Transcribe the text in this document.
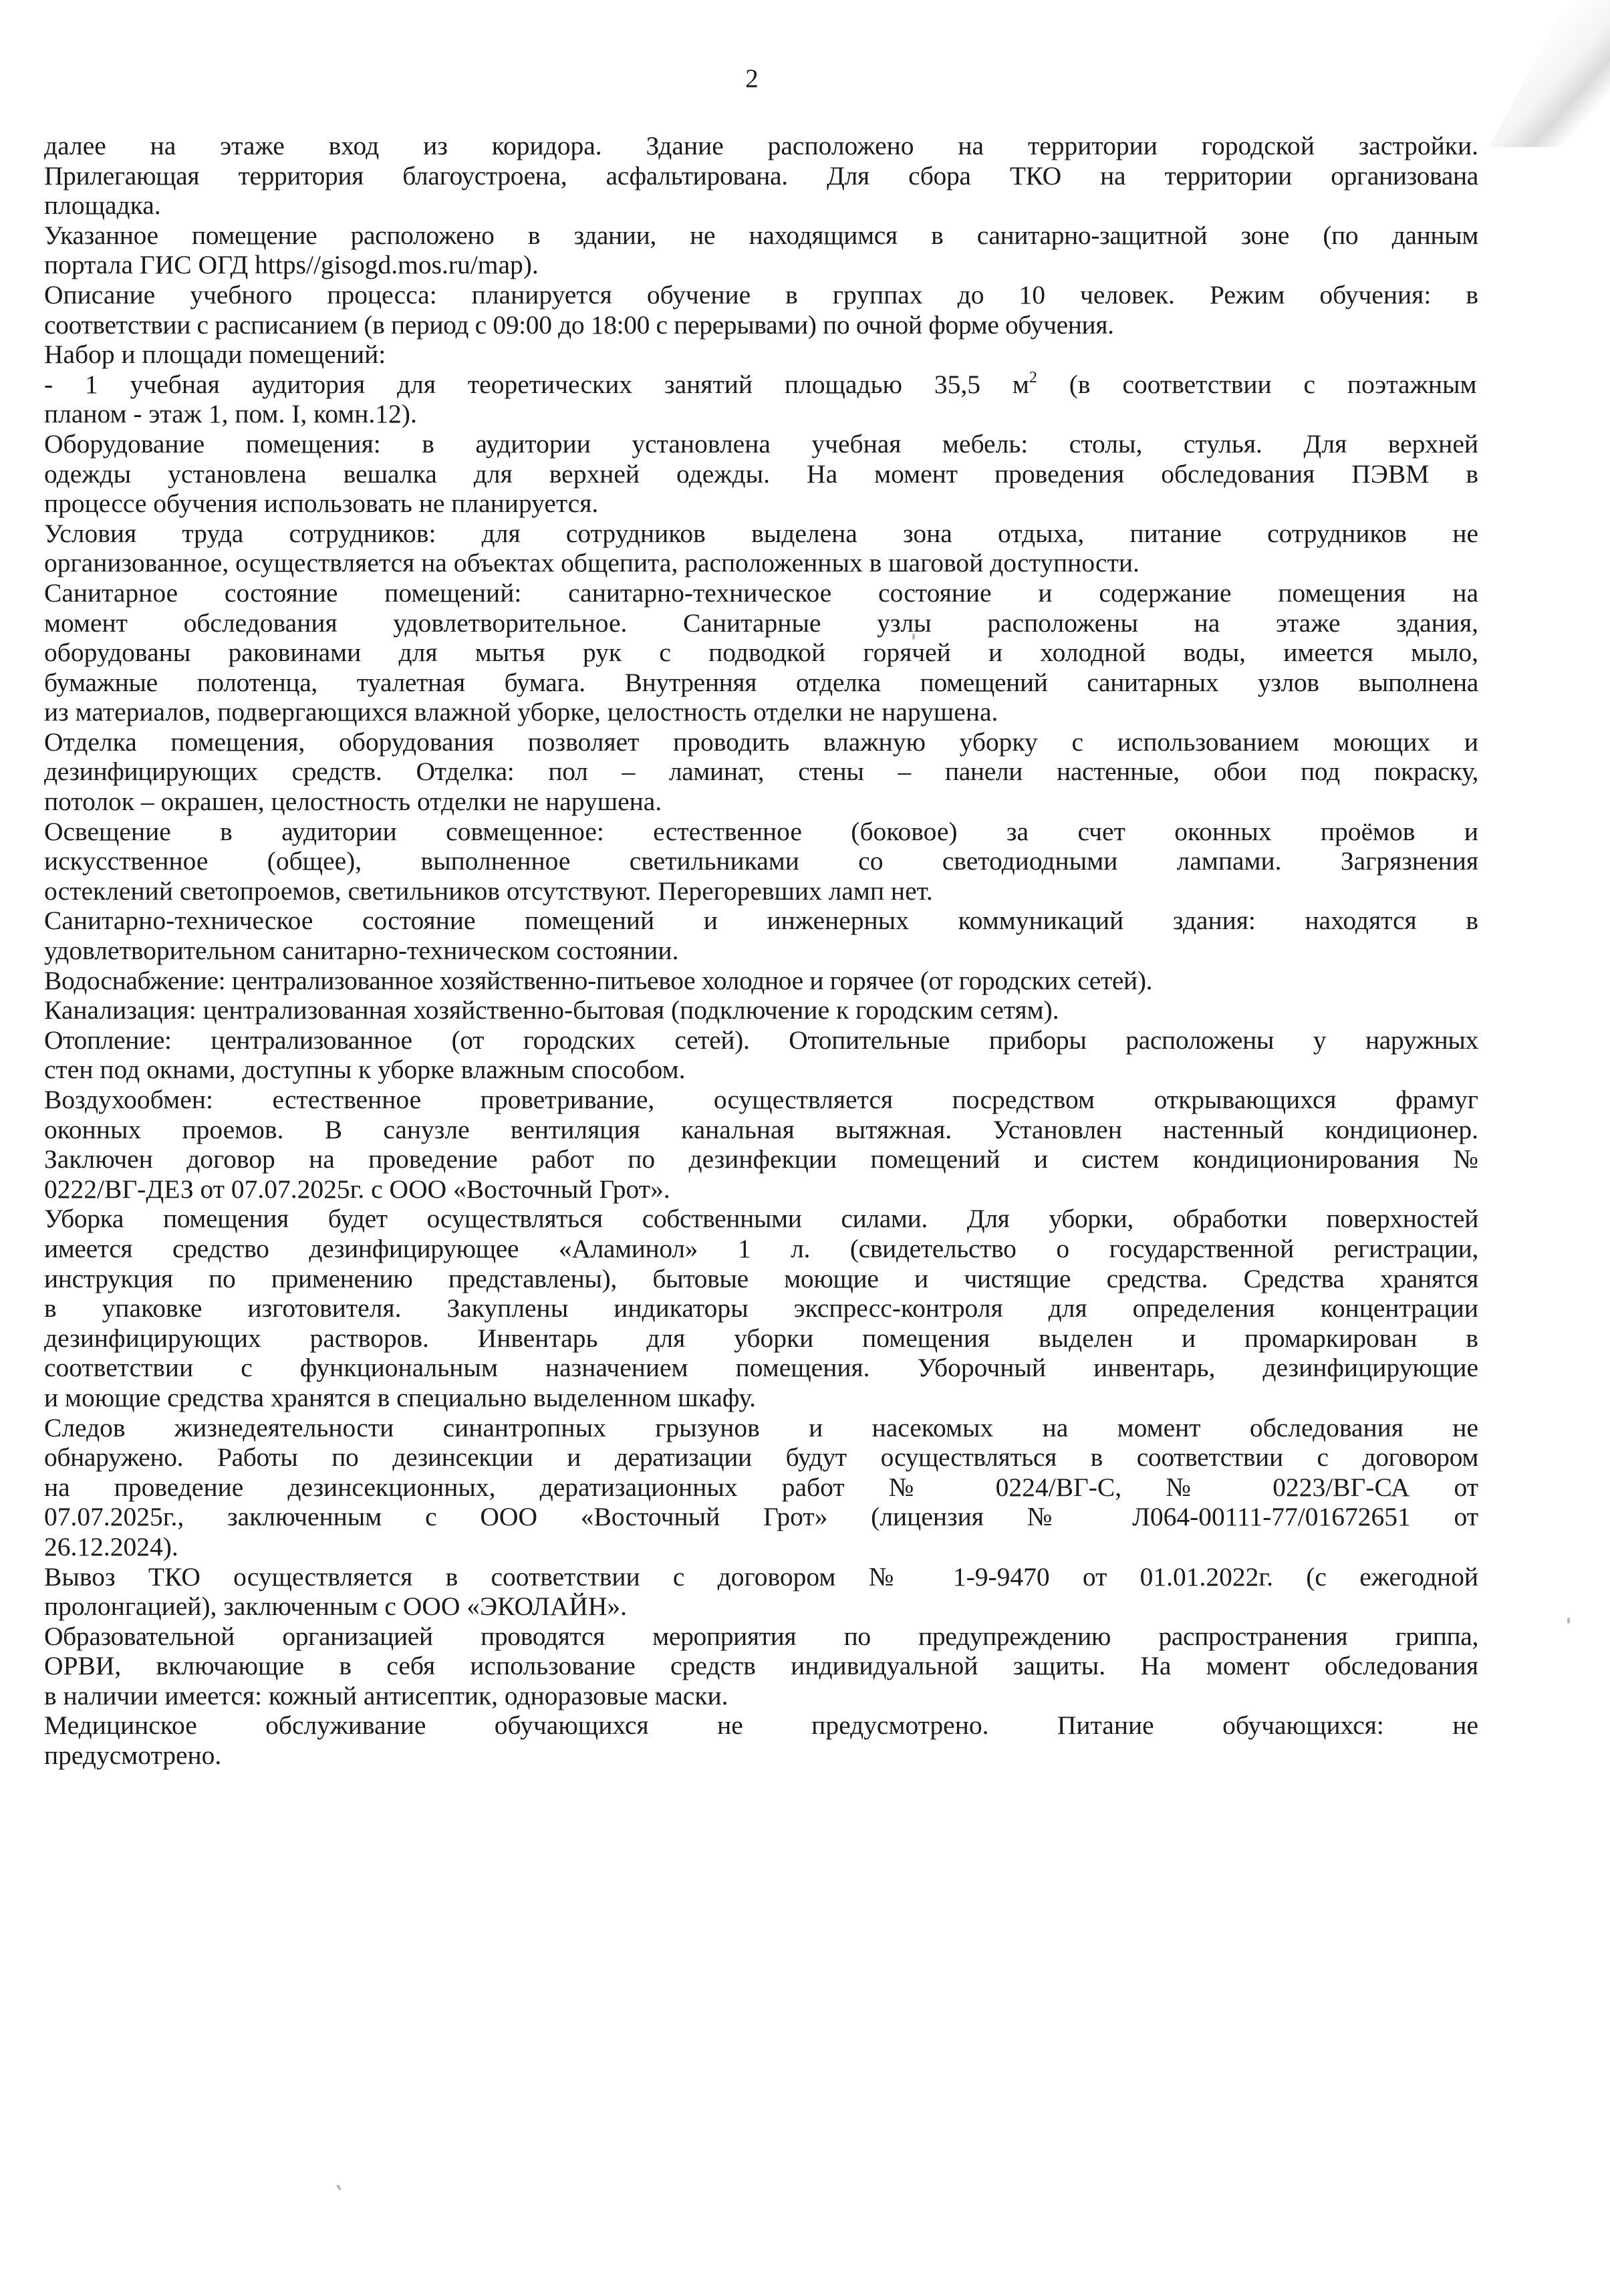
2
далее на этаже вход из коридора. Здание расположено на территории городской застройки.
Прилегающая территория благоустроена, асфальтирована. Для сбора ТКО на территории организована
площадка.
Указанное помещение расположено в здании, не находящимся в санитарно-защитной зоне (по данным
портала ГИС ОГД https//gisogd.mos.ru/map).
Описание учебного процесса: планируется обучение в группах до 10 человек. Режим обучения: в
соответствии с расписанием (в период с 09:00 до 18:00 с перерывами) по очной форме обучения.
Набор и площади помещений:
- 1 учебная аудитория для теоретических занятий площадью 35,5 $м^2$ (в соответствии с поэтажным
планом - этаж 1, пом. I, комн.12).
Оборудование помещения: в аудитории установлена учебная мебель: столы, стулья. Для верхней
одежды установлена вешалка для верхней одежды. На момент проведения обследования ПЭВМ в
процессе обучения использовать не планируется.
Условия труда сотрудников: для сотрудников выделена зона отдыха, питание сотрудников не
организованное, осуществляется на объектах общепита, расположенных в шаговой доступности.
Санитарное состояние помещений: санитарно-техническое состояние и содержание помещения на
момент обследования удовлетворительное. Санитарные узлы расположены на этаже здания,
оборудованы раковинами для мытья рук с подводкой горячей и холодной воды, имеется мыло,
бумажные полотенца, туалетная бумага. Внутренняя отделка помещений санитарных узлов выполнена
из материалов, подвергающихся влажной уборке, целостность отделки не нарушена.
Отделка помещения, оборудования позволяет проводить влажную уборку с использованием моющих и
дезинфицирующих средств. Отделка: пол – ламинат, стены – панели настенные, обои под покраску,
потолок – окрашен, целостность отделки не нарушена.
Освещение в аудитории совмещенное: естественное (боковое) за счет оконных проёмов и
искусственное (общее), выполненное светильниками со светодиодными лампами. Загрязнения
остеклений светопроемов, светильников отсутствуют. Перегоревших ламп нет.
Санитарно-техническое состояние помещений и инженерных коммуникаций здания: находятся в
удовлетворительном санитарно-техническом состоянии.
Водоснабжение: централизованное хозяйственно-питьевое холодное и горячее (от городских сетей).
Канализация: централизованная хозяйственно-бытовая (подключение к городским сетям).
Отопление: централизованное (от городских сетей). Отопительные приборы расположены у наружных
стен под окнами, доступны к уборке влажным способом.
Воздухообмен: естественное проветривание, осуществляется посредством открывающихся фрамуг
оконных проемов. В санузле вентиляция канальная вытяжная. Установлен настенный кондиционер.
Заключен договор на проведение работ по дезинфекции помещений и систем кондиционирования №
0222/ВГ-ДЕЗ от 07.07.2025г. с ООО «Восточный Грот».
Уборка помещения будет осуществляться собственными силами. Для уборки, обработки поверхностей
имеется средство дезинфицирующее «Аламинол» 1 л. (свидетельство о государственной регистрации,
инструкция по применению представлены), бытовые моющие и чистящие средства. Средства хранятся
в упаковке изготовителя. Закуплены индикаторы экспресс-контроля для определения концентрации
дезинфицирующих растворов. Инвентарь для уборки помещения выделен и промаркирован в
соответствии с функциональным назначением помещения. Уборочный инвентарь, дезинфицирующие
и моющие средства хранятся в специально выделенном шкафу.
Следов жизнедеятельности синантропных грызунов и насекомых на момент обследования не
обнаружено. Работы по дезинсекции и дератизации будут осуществляться в соответствии с договором
на проведение дезинсекционных, дератизационных работ № 0224/ВГ-С, № 0223/ВГ-СА от
07.07.2025г., заключенным с ООО «Восточный Грот» (лицензия № Л064-00111-77/01672651 от
26.12.2024).
Вывоз ТКО осуществляется в соответствии с договором № 1-9-9470 от 01.01.2022г. (с ежегодной
пролонгацией), заключенным с ООО «ЭКОЛАЙН».
Образовательной организацией проводятся мероприятия по предупреждению распространения гриппа,
ОРВИ, включающие в себя использование средств индивидуальной защиты. На момент обследования
в наличии имеется: кожный антисептик, одноразовые маски.
Медицинское обслуживание обучающихся не предусмотрено. Питание обучающихся: не
предусмотрено.
